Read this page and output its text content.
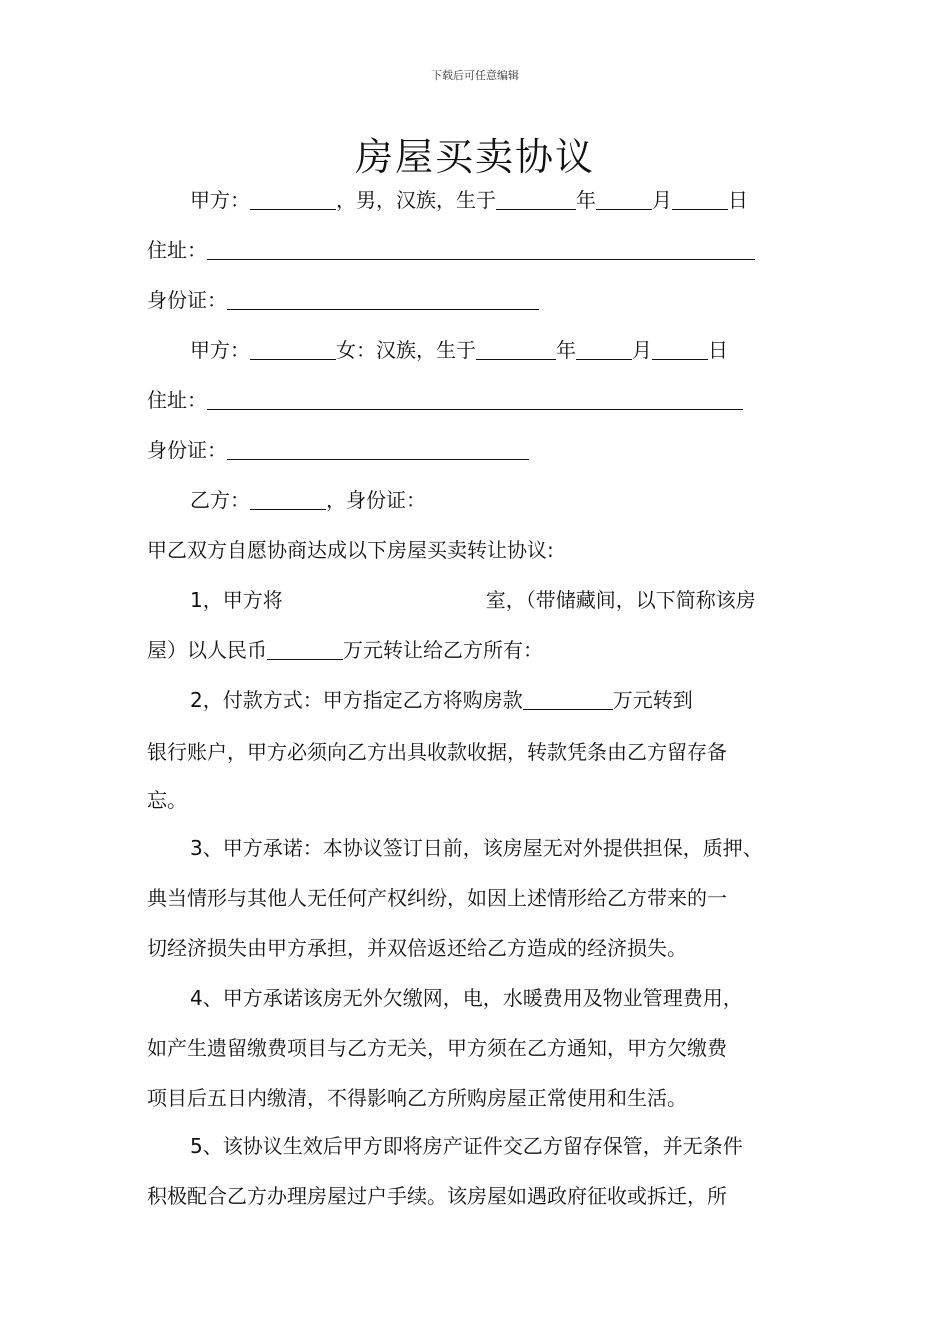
下载后可任意编辑
房屋买卖协议
甲方：	，男，汉族，生于	年	月	日
住址：
身份证：
甲方：	女：汉族，生于	年	月	日
住址：
身份证：
乙方：	，身份证：
甲乙双方自愿协商达成以下房屋买卖转让协议:
1，甲方将	室，（带储藏间，以下简称该房
屋）以人民币	万元转让给乙方所有：
2，付款方式：甲方指定乙方将购房款	万元转到
银行账户，甲方必须向乙方出具收款收据，转款凭条由乙方留存备
忘。
3、甲方承诺：本协议签订日前，该房屋无对外提供担保，质押、
典当情形与其他人无任何产权纠纷，如因上述情形给乙方带来的一
切经济损失由甲方承担，并双倍返还给乙方造成的经济损失。
4、甲方承诺该房无外欠缴网，电，水暖费用及物业管理费用，
如产生遗留缴费项目与乙方无关，甲方须在乙方通知，甲方欠缴费
项目后五日内缴清，不得影响乙方所购房屋正常使用和生活。
5、该协议生效后甲方即将房产证件交乙方留存保管，并无条件
积极配合乙方办理房屋过户手续。该房屋如遇政府征收或拆迁，所
